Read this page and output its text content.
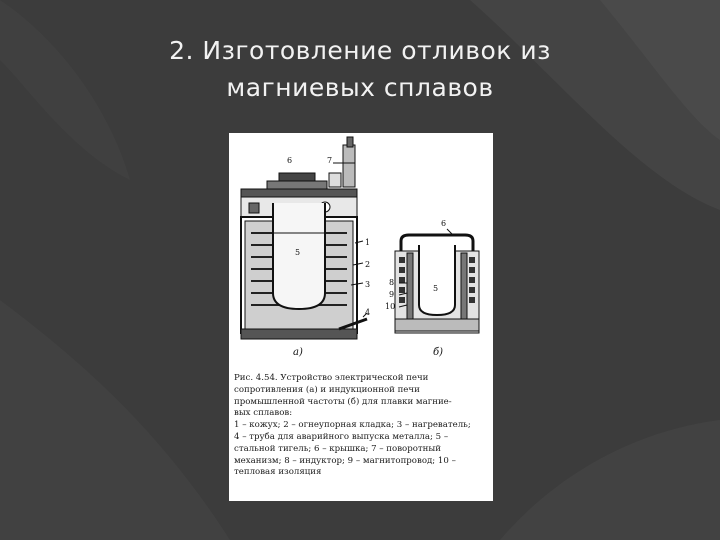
2. Изготовление отливок из
магниевых сплавов
6	7
5
1
2
3
4
а)
6
5
8
9
10
б)
Рис. 4.54. Устройство электрической печи
сопротивления (а) и индукционной печи
промышленной частоты (б) для плавки магние-
вых сплавов:
1 – кожух; 2 – огнеупорная кладка; 3 – нагреватель;
4 – труба для аварийного выпуска металла; 5 –
стальной тигель; 6 – крышка; 7 – поворотный
механизм; 8 – индуктор; 9 – магнитопровод; 10 –
тепловая изоляция
